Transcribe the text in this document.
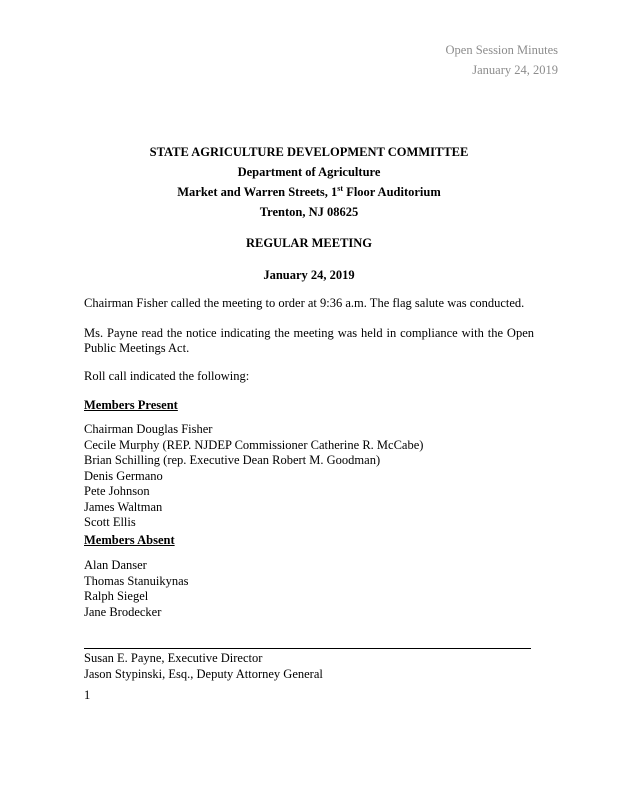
Open Session Minutes
January 24, 2019
STATE AGRICULTURE DEVELOPMENT COMMITTEE
Department of Agriculture
Market and Warren Streets, 1st Floor Auditorium
Trenton, NJ 08625
REGULAR MEETING
January 24, 2019
Chairman Fisher called the meeting to order at 9:36 a.m. The flag salute was conducted.
Ms. Payne read the notice indicating the meeting was held in compliance with the Open Public Meetings Act.
Roll call indicated the following:
Members Present
Chairman Douglas Fisher
Cecile Murphy (REP. NJDEP Commissioner Catherine R. McCabe)
Brian Schilling (rep. Executive Dean Robert M. Goodman)
Denis Germano
Pete Johnson
James Waltman
Scott Ellis
Members Absent
Alan Danser
Thomas Stanuikynas
Ralph Siegel
Jane Brodecker
Susan E. Payne, Executive Director
Jason Stypinski, Esq., Deputy Attorney General
1
